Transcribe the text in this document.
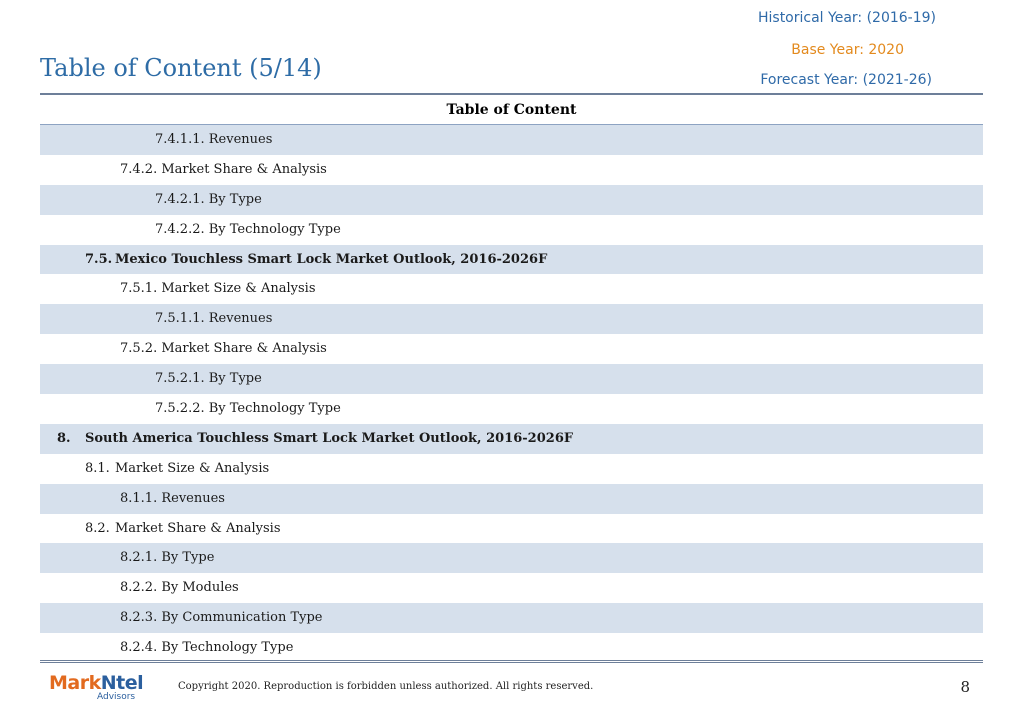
Historical Year: (2016-19)
Base Year: 2020
Forecast Year: (2021-26)
Table of Content (5/14)
Table of Content
7.4.1.1. Revenues
7.4.2. Market Share & Analysis
7.4.2.1. By Type
7.4.2.2. By Technology Type
7.5. Mexico Touchless Smart Lock Market Outlook, 2016-2026F
7.5.1. Market Size & Analysis
7.5.1.1. Revenues
7.5.2. Market Share & Analysis
7.5.2.1. By Type
7.5.2.2. By Technology Type
8. South America Touchless Smart Lock Market Outlook, 2016-2026F
8.1. Market Size & Analysis
8.1.1. Revenues
8.2. Market Share & Analysis
8.2.1. By Type
8.2.2. By Modules
8.2.3. By Communication Type
8.2.4. By Technology Type
MarkNtel
Advisors
Copyright 2020. Reproduction is forbidden unless authorized. All rights reserved.	8
